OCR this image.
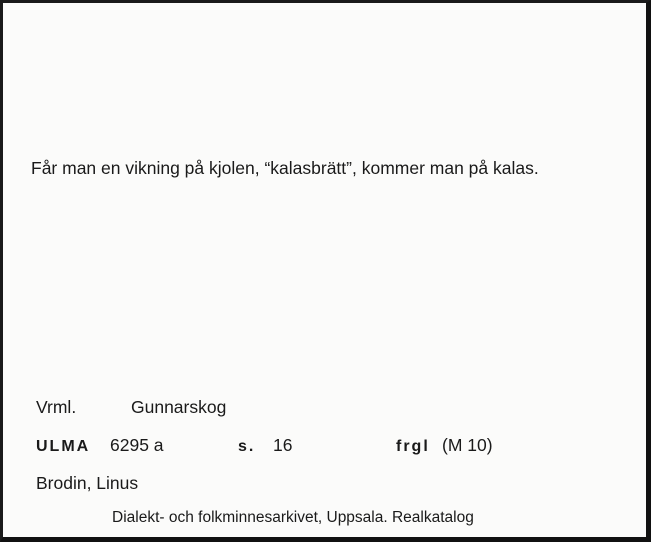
Får man en vikning på kjolen, “kalasbrätt”, kommer man på kalas.
Vrml.	Gunnarskog
ULMA 6295 a	s. 16	frgl (M 10)
Brodin, Linus
Dialekt- och folkminnesarkivet, Uppsala. Realkatalog
